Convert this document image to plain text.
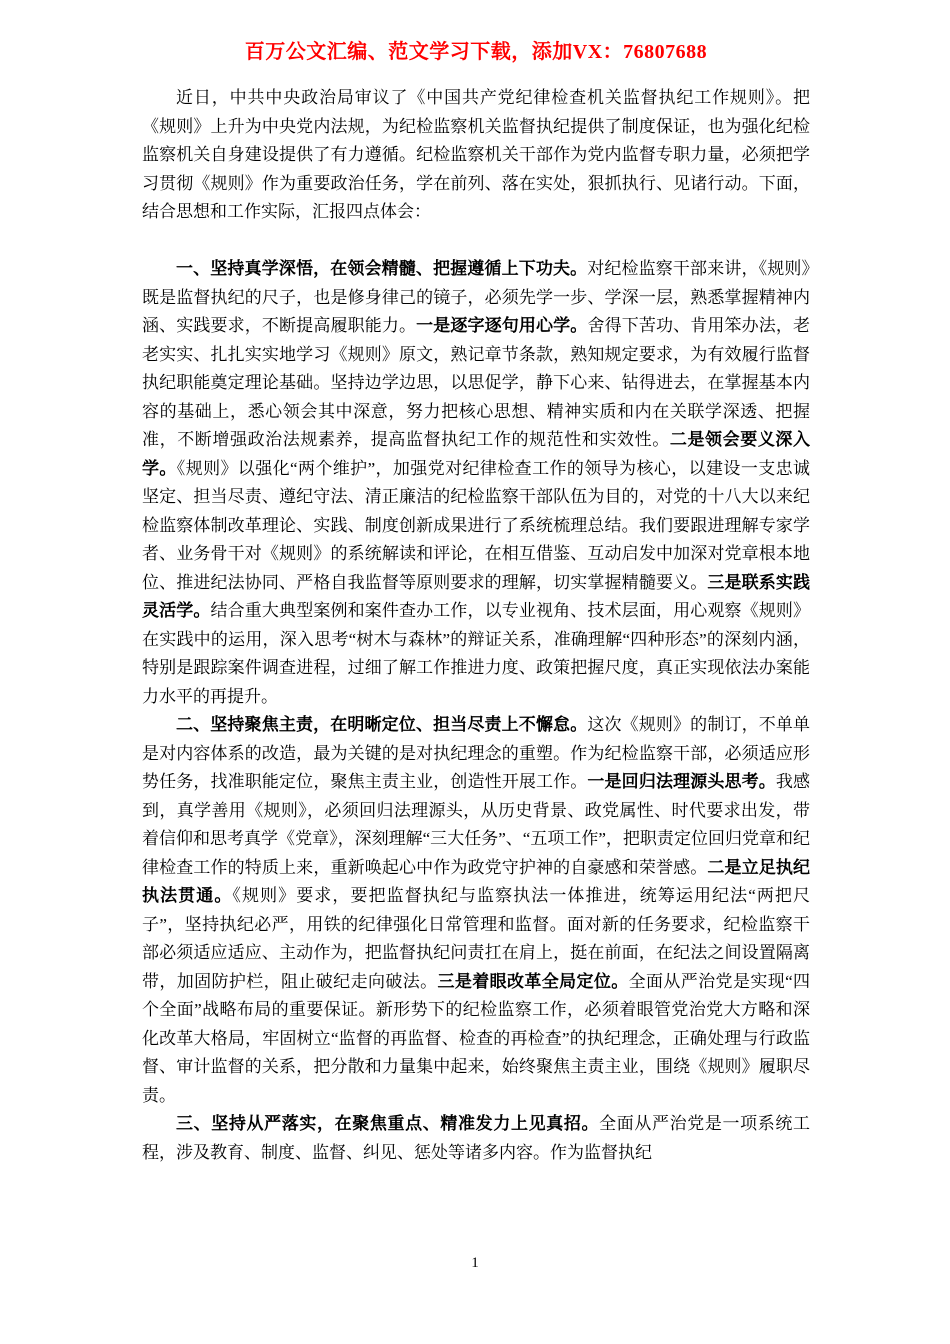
百万公文汇编、范文学习下载，添加VX：76807688

近日，中共中央政治局审议了《中国共产党纪律检查机关监督执纪工作规则》。把《规则》上升为中央党内法规，为纪检监察机关监督执纪提供了制度保证，也为强化纪检监察机关自身建设提供了有力遵循。纪检监察机关干部作为党内监督专职力量，必须把学习贯彻《规则》作为重要政治任务，学在前列、落在实处，狠抓执行、见诸行动。下面，结合思想和工作实际，汇报四点体会：

一、坚持真学深悟，在领会精髓、把握遵循上下功夫。对纪检监察干部来讲，《规则》既是监督执纪的尺子，也是修身律己的镜子，必须先学一步、学深一层，熟悉掌握精神内涵、实践要求，不断提高履职能力。一是逐字逐句用心学。舍得下苦功、肯用笨办法，老老实实、扎扎实实地学习《规则》原文，熟记章节条款，熟知规定要求，为有效履行监督执纪职能奠定理论基础。坚持边学边思，以思促学，静下心来、钻得进去，在掌握基本内容的基础上，悉心领会其中深意，努力把核心思想、精神实质和内在关联学深透、把握准，不断增强政治法规素养，提高监督执纪工作的规范性和实效性。二是领会要义深入学。《规则》以强化“两个维护”，加强党对纪律检查工作的领导为核心，以建设一支忠诚坚定、担当尽责、遵纪守法、清正廉洁的纪检监察干部队伍为目的，对党的十八大以来纪检监察体制改革理论、实践、制度创新成果进行了系统梳理总结。我们要跟进理解专家学者、业务骨干对《规则》的系统解读和评论，在相互借鉴、互动启发中加深对党章根本地位、推进纪法协同、严格自我监督等原则要求的理解，切实掌握精髓要义。三是联系实践灵活学。结合重大典型案例和案件查办工作，以专业视角、技术层面，用心观察《规则》在实践中的运用，深入思考“树木与森林”的辩证关系，准确理解“四种形态”的深刻内涵，特别是跟踪案件调查进程，过细了解工作推进力度、政策把握尺度，真正实现依法办案能力水平的再提升。

二、坚持聚焦主责，在明晰定位、担当尽责上不懈怠。这次《规则》的制订，不单单是对内容体系的改造，最为关键的是对执纪理念的重塑。作为纪检监察干部，必须适应形势任务，找准职能定位，聚焦主责主业，创造性开展工作。一是回归法理源头思考。我感到，真学善用《规则》，必须回归法理源头，从历史背景、政党属性、时代要求出发，带着信仰和思考真学《党章》，深刻理解“三大任务”、“五项工作”，把职责定位回归党章和纪律检查工作的特质上来，重新唤起心中作为政党守护神的自豪感和荣誉感。二是立足执纪执法贯通。《规则》要求，要把监督执纪与监察执法一体推进，统筹运用纪法“两把尺子”，坚持执纪必严，用铁的纪律强化日常管理和监督。面对新的任务要求，纪检监察干部必须适应适应、主动作为，把监督执纪问责扛在肩上，挺在前面，在纪法之间设置隔离带，加固防护栏，阻止破纪走向破法。三是着眼改革全局定位。全面从严治党是实现“四个全面”战略布局的重要保证。新形势下的纪检监察工作，必须着眼管党治党大方略和深化改革大格局，牢固树立“监督的再监督、检查的再检查”的执纪理念，正确处理与行政监督、审计监督的关系，把分散和力量集中起来，始终聚焦主责主业，围绕《规则》履职尽责。

三、坚持从严落实，在聚焦重点、精准发力上见真招。全面从严治党是一项系统工程，涉及教育、制度、监督、纠见、惩处等诸多内容。作为监督执纪

1
